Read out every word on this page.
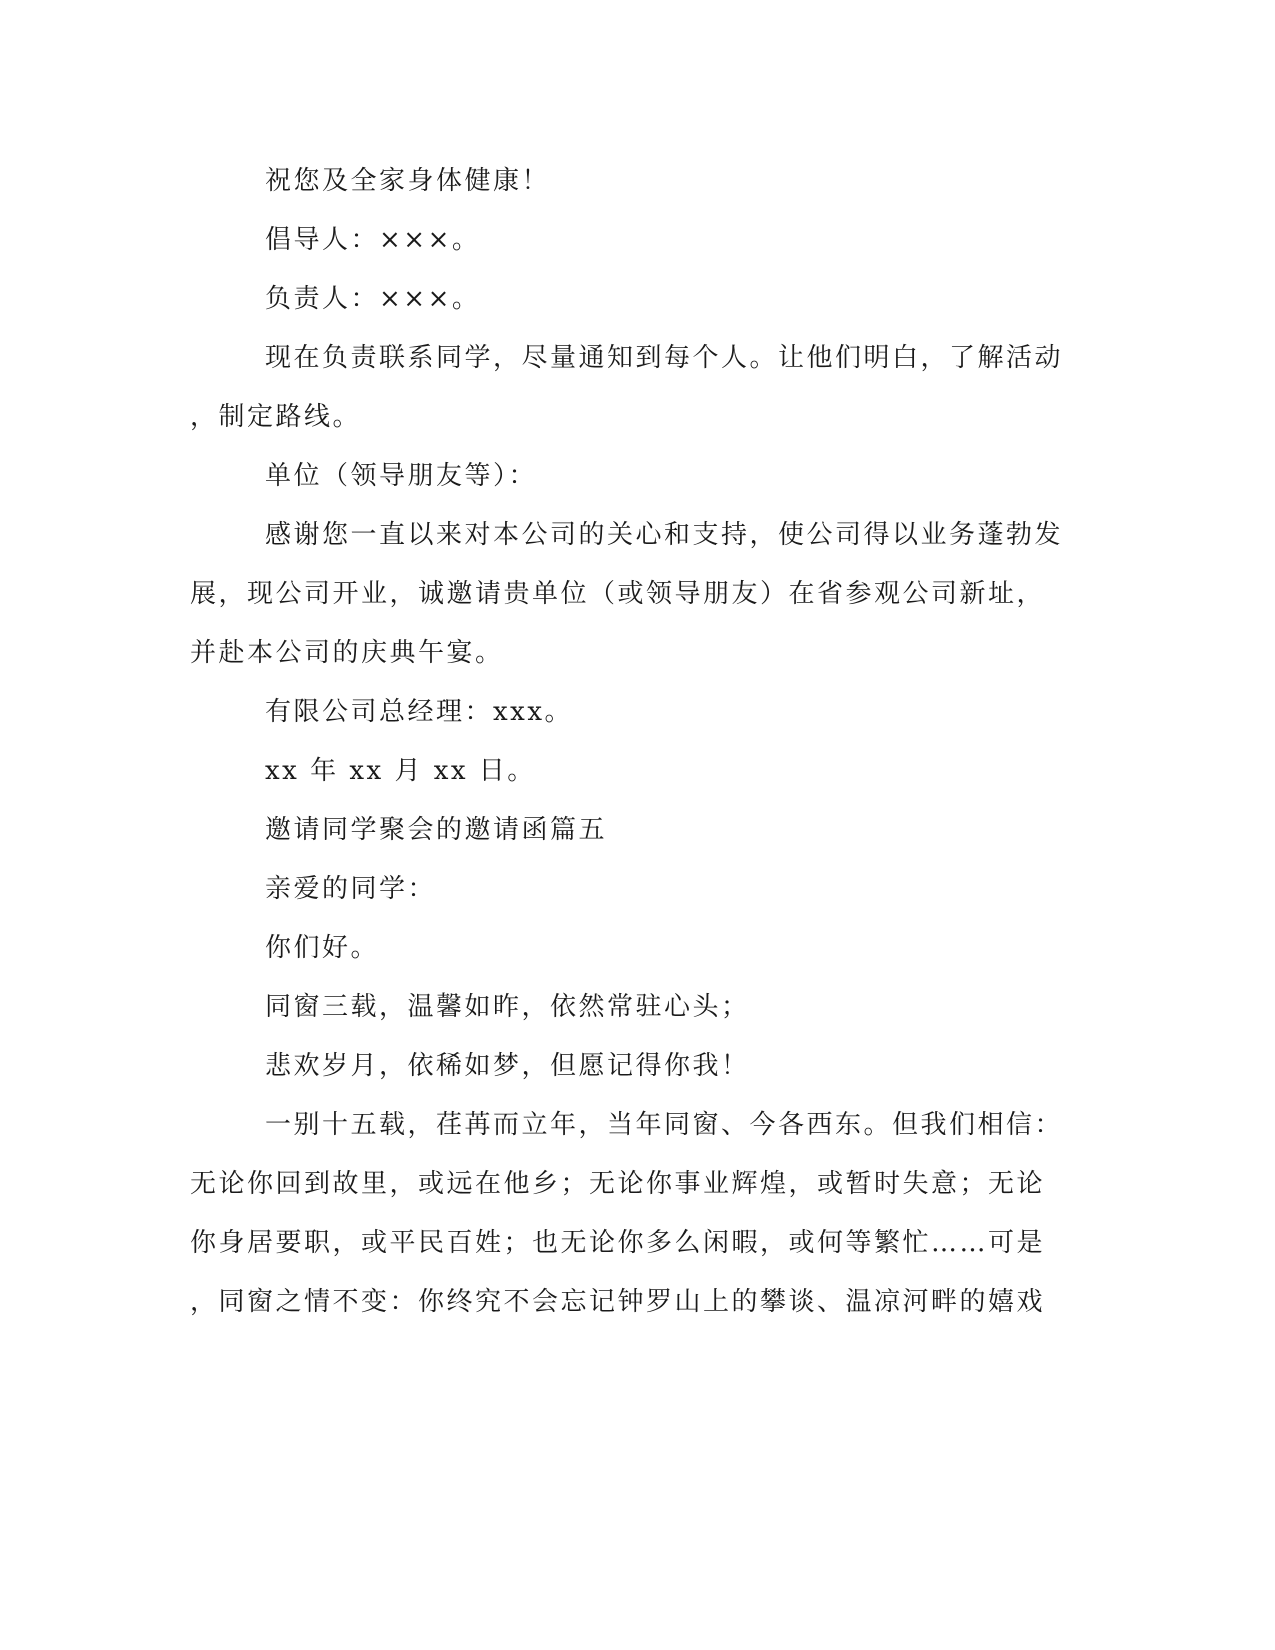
祝您及全家身体健康！
倡导人：×××。
负责人：×××。
现在负责联系同学，尽量通知到每个人。让他们明白，了解活动
，制定路线。
单位（领导朋友等）：
感谢您一直以来对本公司的关心和支持，使公司得以业务蓬勃发
展，现公司开业，诚邀请贵单位（或领导朋友）在省参观公司新址，
并赴本公司的庆典午宴。
有限公司总经理：xxx。
xx 年 xx 月 xx 日。
邀请同学聚会的邀请函篇五
亲爱的同学：
你们好。
同窗三载，温馨如昨，依然常驻心头；
悲欢岁月，依稀如梦，但愿记得你我！
一别十五载，荏苒而立年，当年同窗、今各西东。但我们相信：
无论你回到故里，或远在他乡；无论你事业辉煌，或暂时失意；无论
你身居要职，或平民百姓；也无论你多么闲暇，或何等繁忙……可是
，同窗之情不变：你终究不会忘记钟罗山上的攀谈、温凉河畔的嬉戏
